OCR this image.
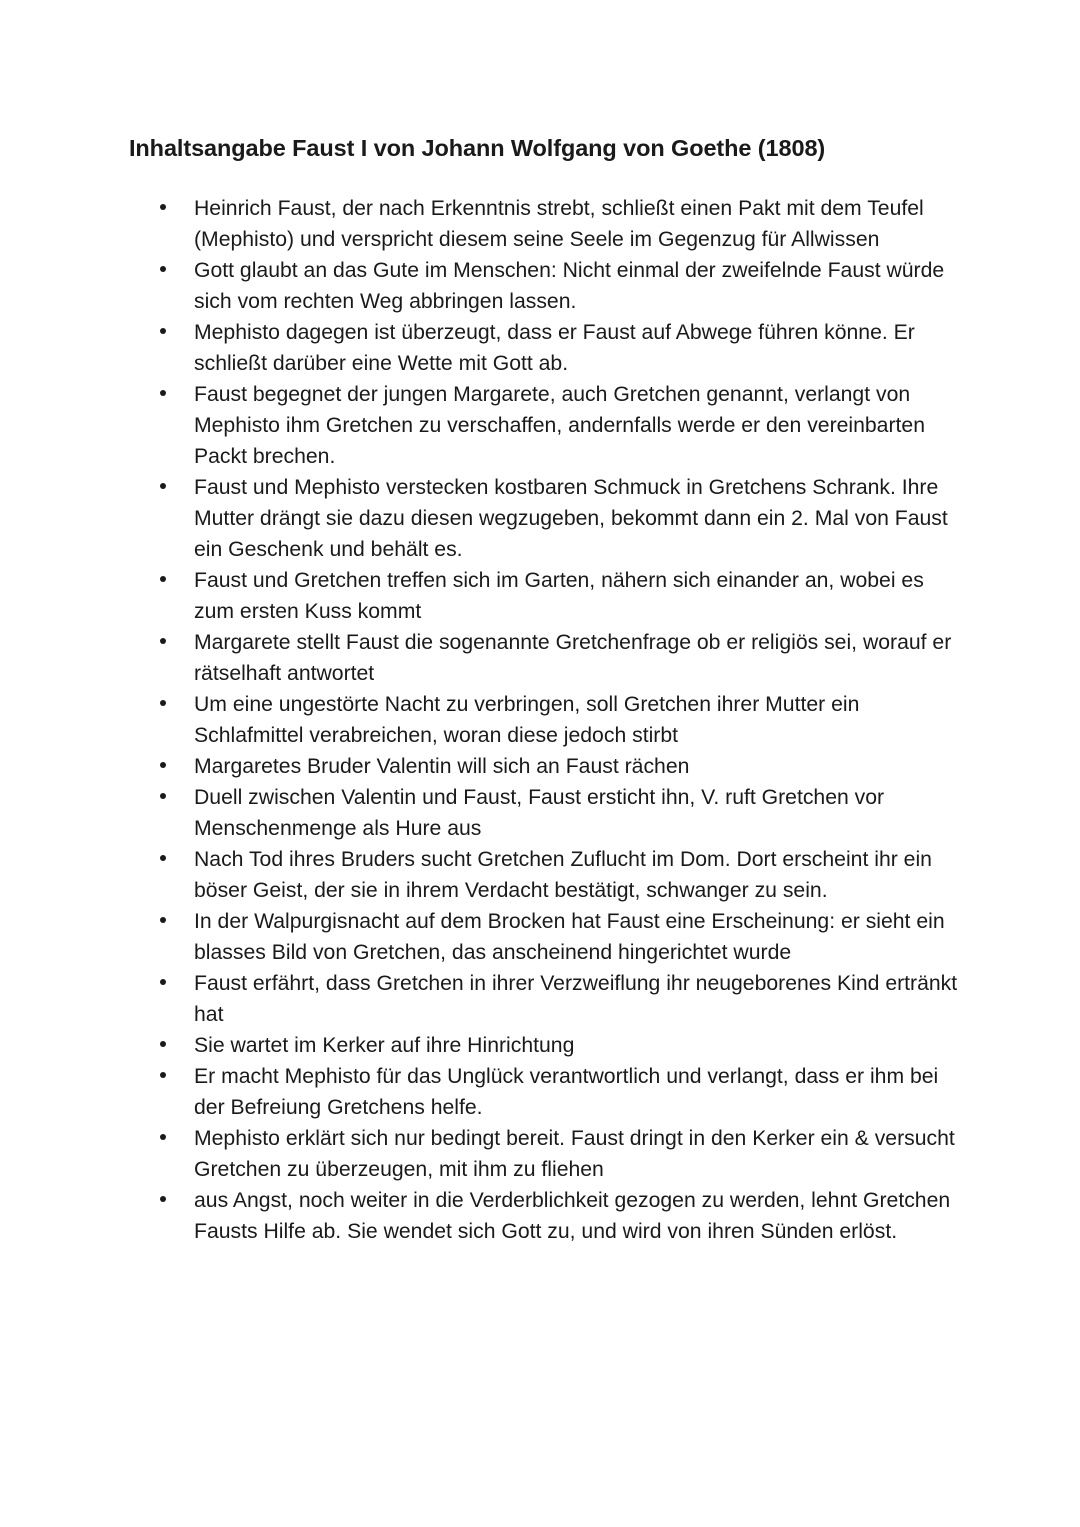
Inhaltsangabe Faust I von Johann Wolfgang von Goethe (1808)
Heinrich Faust, der nach Erkenntnis strebt, schließt einen Pakt mit dem Teufel (Mephisto) und verspricht diesem seine Seele im Gegenzug für Allwissen
Gott glaubt an das Gute im Menschen: Nicht einmal der zweifelnde Faust würde sich vom rechten Weg abbringen lassen.
Mephisto dagegen ist überzeugt, dass er Faust auf Abwege führen könne. Er schließt darüber eine Wette mit Gott ab.
Faust begegnet der jungen Margarete, auch Gretchen genannt, verlangt von Mephisto ihm Gretchen zu verschaffen, andernfalls werde er den vereinbarten Packt brechen.
Faust und Mephisto verstecken kostbaren Schmuck in Gretchens Schrank. Ihre Mutter drängt sie dazu diesen wegzugeben, bekommt dann ein 2. Mal von Faust ein Geschenk und behält es.
Faust und Gretchen treffen sich im Garten, nähern sich einander an, wobei es zum ersten Kuss kommt
Margarete stellt Faust die sogenannte Gretchenfrage ob er religiös sei, worauf er rätselhaft antwortet
Um eine ungestörte Nacht zu verbringen, soll Gretchen ihrer Mutter ein Schlafmittel verabreichen, woran diese jedoch stirbt
Margaretes Bruder Valentin will sich an Faust rächen
Duell zwischen Valentin und Faust, Faust ersticht ihn, V. ruft Gretchen vor Menschenmenge als Hure aus
Nach Tod ihres Bruders sucht Gretchen Zuflucht im Dom. Dort erscheint ihr ein böser Geist, der sie in ihrem Verdacht bestätigt, schwanger zu sein.
In der Walpurgisnacht auf dem Brocken hat Faust eine Erscheinung: er sieht ein blasses Bild von Gretchen, das anscheinend hingerichtet wurde
Faust erfährt, dass Gretchen in ihrer Verzweiflung ihr neugeborenes Kind ertränkt hat
Sie wartet im Kerker auf ihre Hinrichtung
Er macht Mephisto für das Unglück verantwortlich und verlangt, dass er ihm bei der Befreiung Gretchens helfe.
Mephisto erklärt sich nur bedingt bereit. Faust dringt in den Kerker ein & versucht Gretchen zu überzeugen, mit ihm zu fliehen
aus Angst, noch weiter in die Verderblichkeit gezogen zu werden, lehnt Gretchen Fausts Hilfe ab. Sie wendet sich Gott zu, und wird von ihren Sünden erlöst.
